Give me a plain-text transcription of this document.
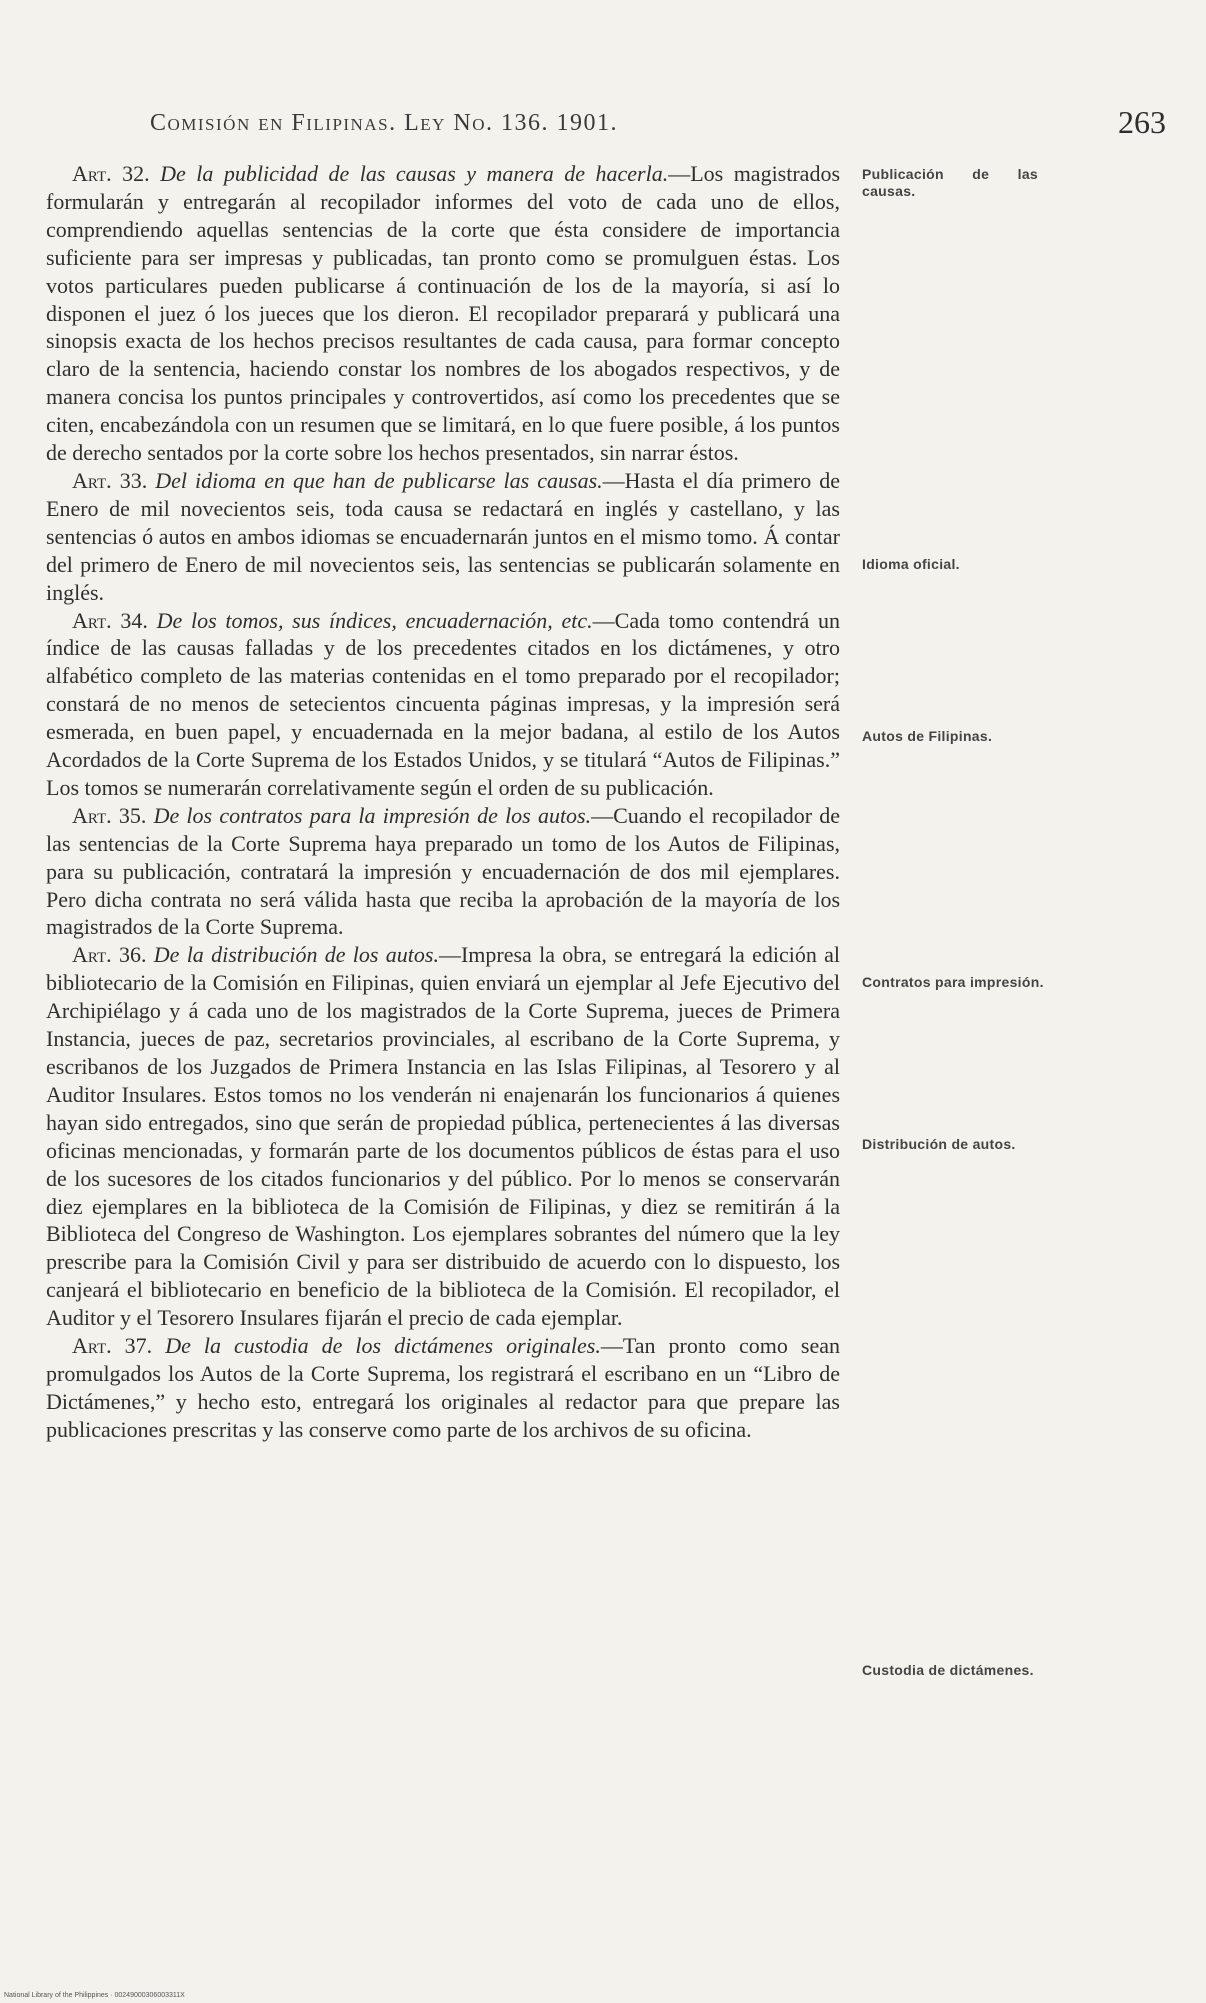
Comisión en Filipinas. Ley No. 136. 1901.	263

Art. 32. De la publicidad de las causas y manera de hacerla.—Los magistrados formularán y entregarán al recopilador informes del voto de cada uno de ellos, comprendiendo aquellas sentencias de la corte que ésta considere de importancia suficiente para ser impresas y publicadas, tan pronto como se promulguen éstas. Los votos particulares pueden publicarse á continuación de los de la mayoría, si así lo disponen el juez ó los jueces que los dieron. El recopilador preparará y publicará una sinopsis exacta de los hechos precisos resultantes de cada causa, para formar concepto claro de la sentencia, haciendo constar los nombres de los abogados respectivos, y de manera concisa los puntos principales y controvertidos, así como los precedentes que se citen, encabezándola con un resumen que se limitará, en lo que fuere posible, á los puntos de derecho sentados por la corte sobre los hechos presentados, sin narrar éstos.

Art. 33. Del idioma en que han de publicarse las causas.—Hasta el día primero de Enero de mil novecientos seis, toda causa se redactará en inglés y castellano, y las sentencias ó autos en ambos idiomas se encuadernarán juntos en el mismo tomo. Á contar del primero de Enero de mil novecientos seis, las sentencias se publicarán solamente en inglés.

Art. 34. De los tomos, sus índices, encuadernación, etc.—Cada tomo contendrá un índice de las causas falladas y de los precedentes citados en los dictámenes, y otro alfabético completo de las materias contenidas en el tomo preparado por el recopilador; constará de no menos de setecientos cincuenta páginas impresas, y la impresión será esmerada, en buen papel, y encuadernada en la mejor badana, al estilo de los Autos Acordados de la Corte Suprema de los Estados Unidos, y se titulará “Autos de Filipinas.” Los tomos se numerarán correlativamente según el orden de su publicación.

Art. 35. De los contratos para la impresión de los autos.—Cuando el recopilador de las sentencias de la Corte Suprema haya preparado un tomo de los Autos de Filipinas, para su publicación, contratará la impresión y encuadernación de dos mil ejemplares. Pero dicha contrata no será válida hasta que reciba la aprobación de la mayoría de los magistrados de la Corte Suprema.

Art. 36. De la distribución de los autos.—Impresa la obra, se entregará la edición al bibliotecario de la Comisión en Filipinas, quien enviará un ejemplar al Jefe Ejecutivo del Archipiélago y á cada uno de los magistrados de la Corte Suprema, jueces de Primera Instancia, jueces de paz, secretarios provinciales, al escribano de la Corte Suprema, y escribanos de los Juzgados de Primera Instancia en las Islas Filipinas, al Tesorero y al Auditor Insulares. Estos tomos no los venderán ni enajenarán los funcionarios á quienes hayan sido entregados, sino que serán de propiedad pública, pertenecientes á las diversas oficinas mencionadas, y formarán parte de los documentos públicos de éstas para el uso de los sucesores de los citados funcionarios y del público. Por lo menos se conservarán diez ejemplares en la biblioteca de la Comisión de Filipinas, y diez se remitirán á la Biblioteca del Congreso de Washington. Los ejemplares sobrantes del número que la ley prescribe para la Comisión Civil y para ser distribuido de acuerdo con lo dispuesto, los canjeará el bibliotecario en beneficio de la biblioteca de la Comisión. El recopilador, el Auditor y el Tesorero Insulares fijarán el precio de cada ejemplar.

Art. 37. De la custodia de los dictámenes originales.—Tan pronto como sean promulgados los Autos de la Corte Suprema, los registrará el escribano en un “Libro de Dictámenes,” y hecho esto, entregará los originales al redactor para que prepare las publicaciones prescritas y las conserve como parte de los archivos de su oficina.

Publicación de las causas.
Idioma oficial.
Autos de Filipinas.
Contratos para impresión.
Distribución de autos.
Custodia de dictámenes.
National Library of the Philippines · 00249000306003311X
